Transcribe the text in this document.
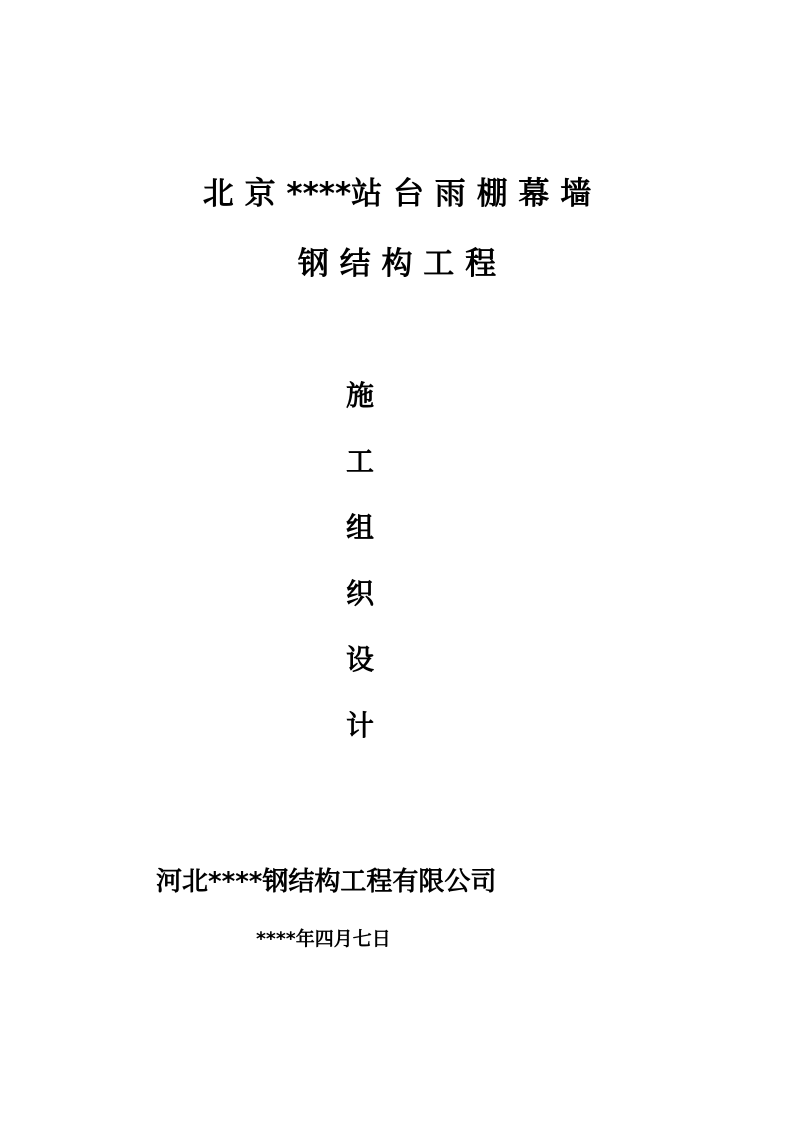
北 京 ****站 台 雨 棚 幕 墙
钢 结 构 工 程
施
工
组
织
设
计
河北****钢结构工程有限公司
****年四月七日
